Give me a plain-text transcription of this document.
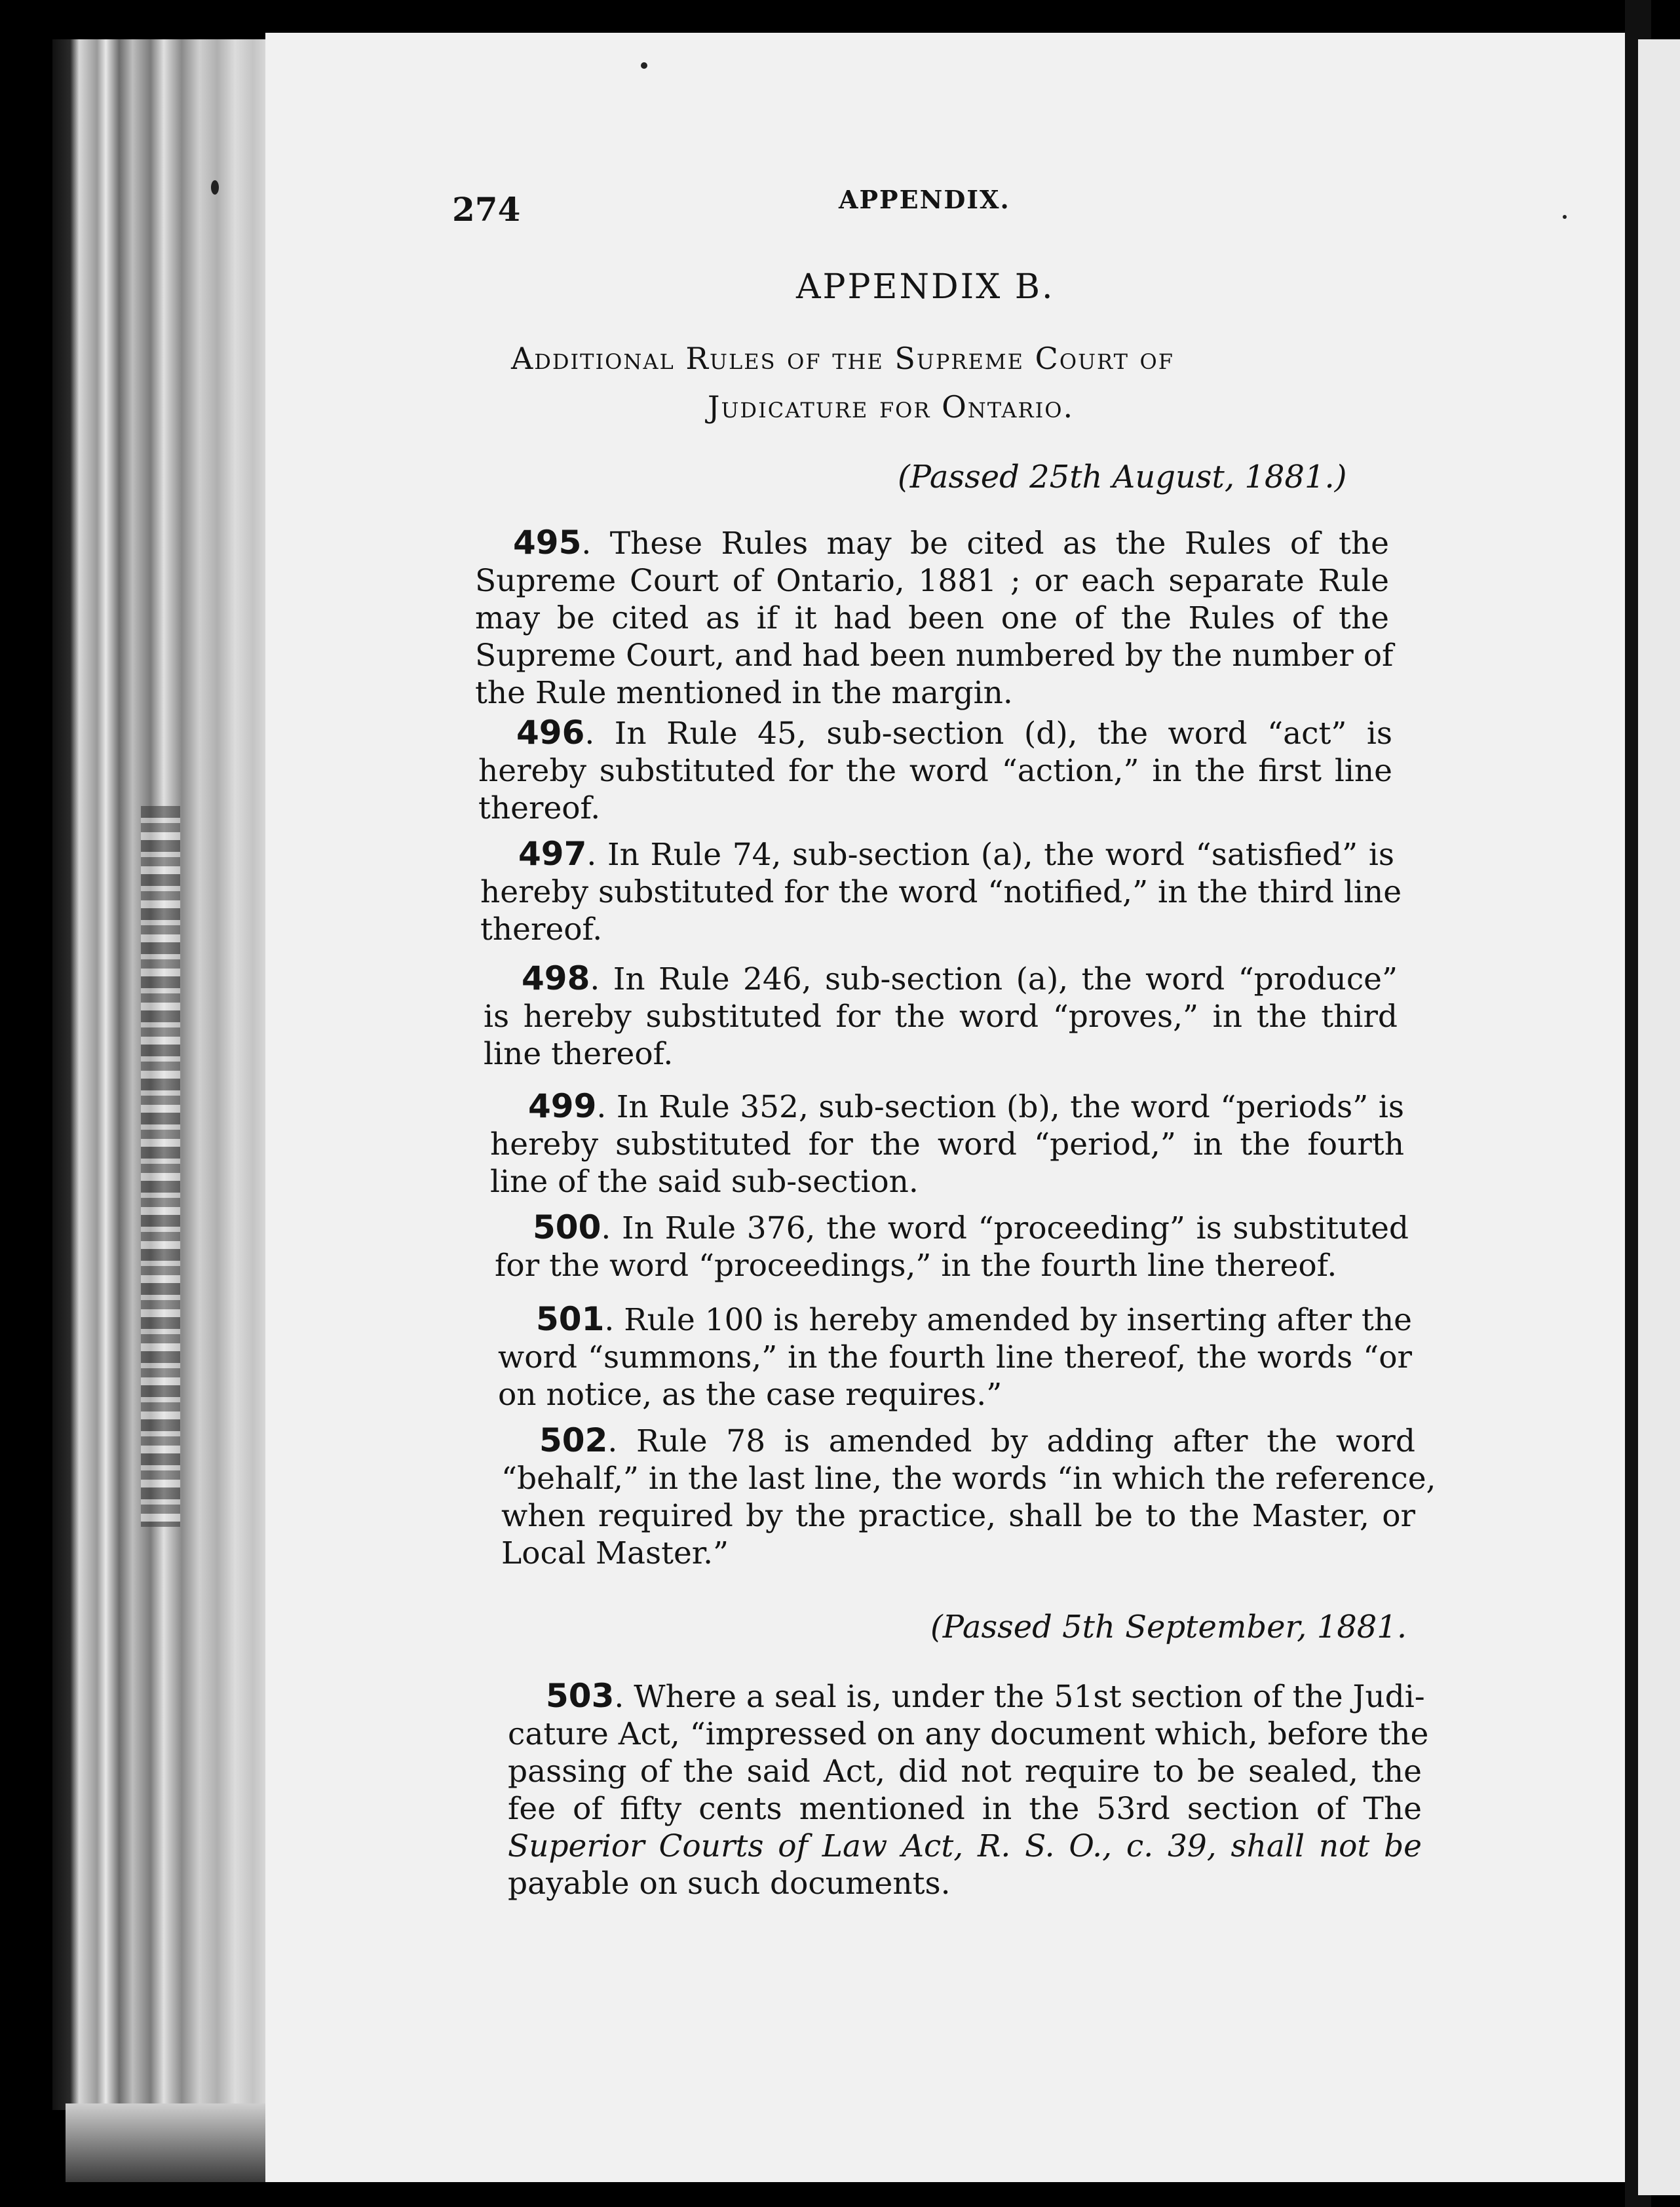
274	APPENDIX.
APPENDIX B.
Additional Rules of the Supreme Court of
Judicature for Ontario.
(Passed 25th August, 1881.)
495. These Rules may be cited as the Rules of the
Supreme Court of Ontario, 1881 ; or each separate Rule
may be cited as if it had been one of the Rules of the
Supreme Court, and had been numbered by the number of
the Rule mentioned in the margin.
496. In Rule 45, sub-section (d), the word “act” is
hereby substituted for the word “action,” in the first line
thereof.
497. In Rule 74, sub-section (a), the word “satisfied” is
hereby substituted for the word “notified,” in the third line
thereof.
498. In Rule 246, sub-section (a), the word “produce”
is hereby substituted for the word “proves,” in the third
line thereof.
499. In Rule 352, sub-section (b), the word “periods” is
hereby substituted for the word “period,” in the fourth
line of the said sub-section.
500. In Rule 376, the word “proceeding” is substituted
for the word “proceedings,” in the fourth line thereof.
501. Rule 100 is hereby amended by inserting after the
word “summons,” in the fourth line thereof, the words “or
on notice, as the case requires.”
502. Rule 78 is amended by adding after the word
“behalf,” in the last line, the words “in which the reference,
when required by the practice, shall be to the Master, or
Local Master.”
(Passed 5th September, 1881.
503. Where a seal is, under the 51st section of the Judi-
cature Act, “impressed on any document which, before the
passing of the said Act, did not require to be sealed, the
fee of fifty cents mentioned in the 53rd section of The
Superior Courts of Law Act, R. S. O., c. 39, shall not be
payable on such documents.
